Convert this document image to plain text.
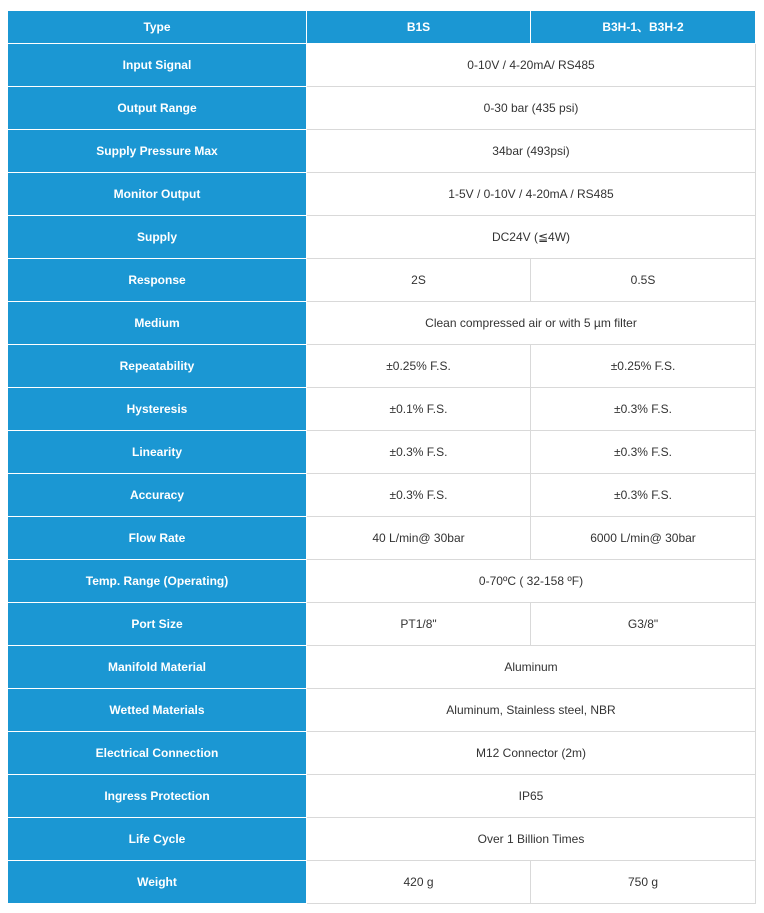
Type	B1S	B3H-1、B3H-2
Input Signal	0-10V / 4-20mA/ RS485	
Output Range	0-30 bar (435 psi)	
Supply Pressure Max	34bar (493psi)	
Monitor Output	1-5V / 0-10V / 4-20mA / RS485	
Supply	DC24V (≦4W)	
Response	2S	0.5S
Medium	Clean compressed air or with 5 µm filter	
Repeatability	±0.25% F.S.	±0.25% F.S.
Hysteresis	±0.1% F.S.	±0.3% F.S.
Linearity	±0.3% F.S.	±0.3% F.S.
Accuracy	±0.3% F.S.	±0.3% F.S.
Flow Rate	40 L/min@ 30bar	6000 L/min@ 30bar
Temp. Range (Operating)	0-70ºC ( 32-158 ºF)	
Port Size	PT1/8"	G3/8"
Manifold Material	Aluminum	
Wetted Materials	Aluminum, Stainless steel, NBR	
Electrical Connection	M12 Connector (2m)	
Ingress Protection	IP65	
Life Cycle	Over 1 Billion Times	
Weight	420 g	750 g
